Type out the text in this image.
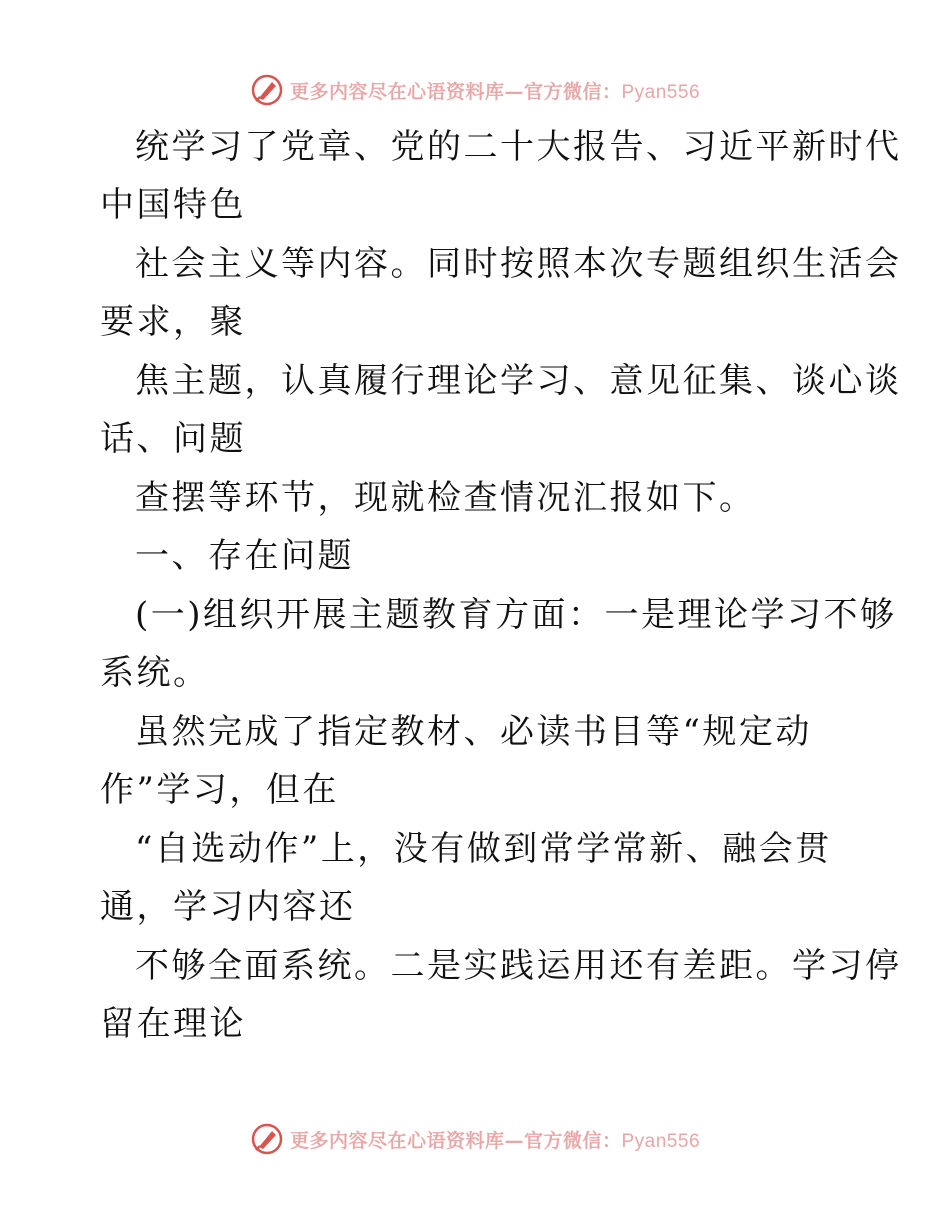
更多内容尽在心语资料库—官方微信：Pyan556
统学习了党章、党的二十大报告、习近平新时代
中国特色
社会主义等内容。同时按照本次专题组织生活会
要求，聚
焦主题，认真履行理论学习、意见征集、谈心谈
话、问题
查摆等环节，现就检查情况汇报如下。
一、存在问题
(一)组织开展主题教育方面：一是理论学习不够
系统。
虽然完成了指定教材、必读书目等“规定动
作”学习，但在
“自选动作”上，没有做到常学常新、融会贯
通，学习内容还
不够全面系统。二是实践运用还有差距。学习停
留在理论
更多内容尽在心语资料库—官方微信：Pyan556
